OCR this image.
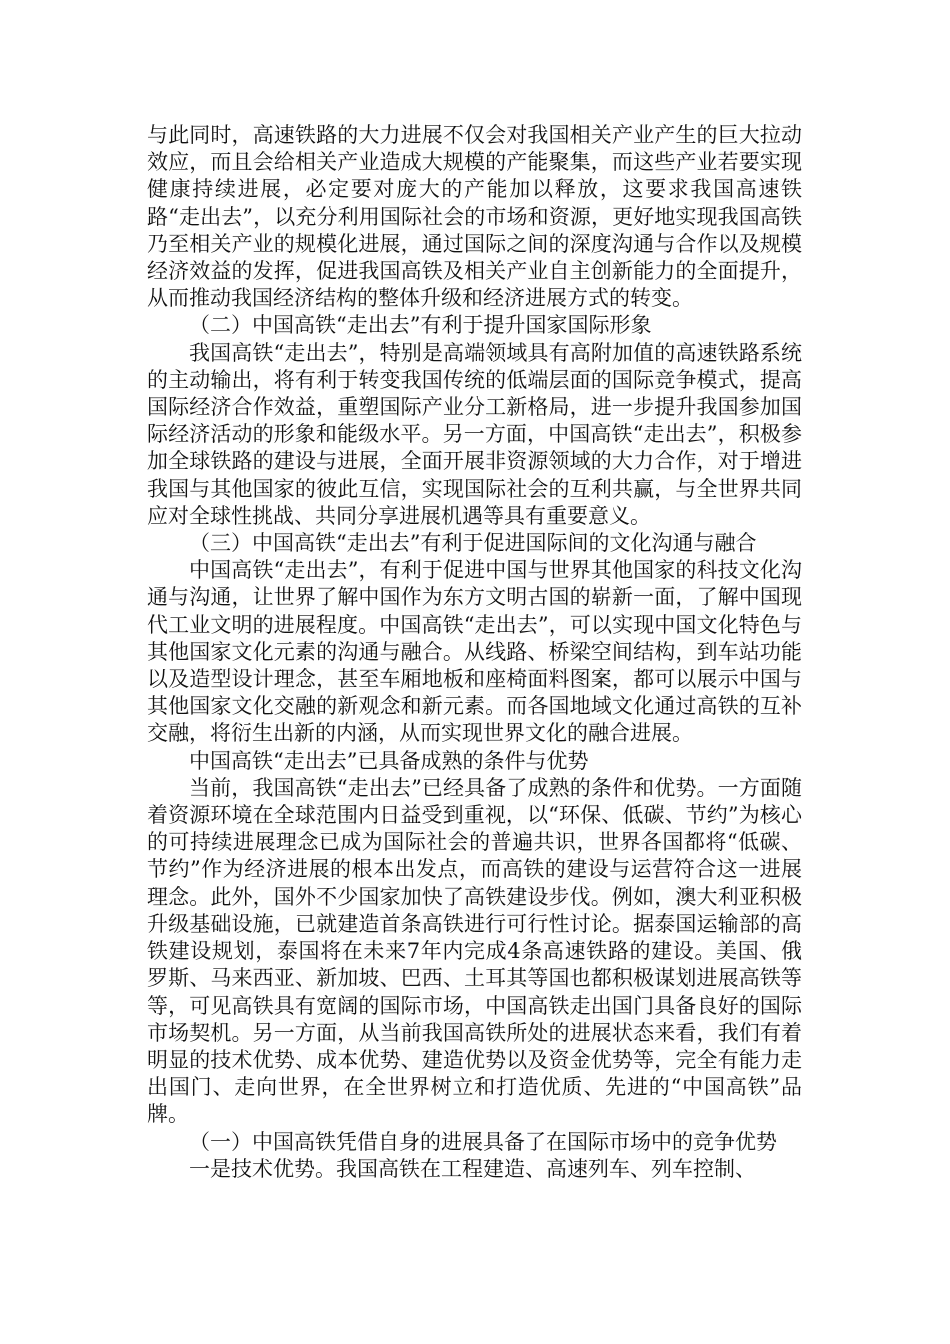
与此同时，高速铁路的大力进展不仅会对我国相关产业产生的巨大拉动效应，而且会给相关产业造成大规模的产能聚集，而这些产业若要实现健康持续进展，必定要对庞大的产能加以释放，这要求我国高速铁路“走出去”，以充分利用国际社会的市场和资源，更好地实现我国高铁乃至相关产业的规模化进展，通过国际之间的深度沟通与合作以及规模经济效益的发挥，促进我国高铁及相关产业自主创新能力的全面提升，从而推动我国经济结构的整体升级和经济进展方式的转变。

（二）中国高铁“走出去”有利于提升国家国际形象

我国高铁“走出去”，特别是高端领域具有高附加值的高速铁路系统的主动输出，将有利于转变我国传统的低端层面的国际竞争模式，提高国际经济合作效益，重塑国际产业分工新格局，进一步提升我国参加国际经济活动的形象和能级水平。另一方面，中国高铁“走出去”，积极参加全球铁路的建设与进展，全面开展非资源领域的大力合作，对于增进我国与其他国家的彼此互信，实现国际社会的互利共赢，与全世界共同应对全球性挑战、共同分享进展机遇等具有重要意义。

（三）中国高铁“走出去”有利于促进国际间的文化沟通与融合

中国高铁“走出去”，有利于促进中国与世界其他国家的科技文化沟通与沟通，让世界了解中国作为东方文明古国的崭新一面，了解中国现代工业文明的进展程度。中国高铁“走出去”，可以实现中国文化特色与其他国家文化元素的沟通与融合。从线路、桥梁空间结构，到车站功能以及造型设计理念，甚至车厢地板和座椅面料图案，都可以展示中国与其他国家文化交融的新观念和新元素。而各国地域文化通过高铁的互补交融，将衍生出新的内涵，从而实现世界文化的融合进展。

中国高铁“走出去”已具备成熟的条件与优势

当前，我国高铁“走出去”已经具备了成熟的条件和优势。一方面随着资源环境在全球范围内日益受到重视，以“环保、低碳、节约”为核心的可持续进展理念已成为国际社会的普遍共识，世界各国都将“低碳、节约”作为经济进展的根本出发点，而高铁的建设与运营符合这一进展理念。此外，国外不少国家加快了高铁建设步伐。例如，澳大利亚积极升级基础设施，已就建造首条高铁进行可行性讨论。据泰国运输部的高铁建设规划，泰国将在未来7年内完成4条高速铁路的建设。美国、俄罗斯、马来西亚、新加坡、巴西、土耳其等国也都积极谋划进展高铁等等，可见高铁具有宽阔的国际市场，中国高铁走出国门具备良好的国际市场契机。另一方面，从当前我国高铁所处的进展状态来看，我们有着明显的技术优势、成本优势、建造优势以及资金优势等，完全有能力走出国门、走向世界，在全世界树立和打造优质、先进的“中国高铁”品牌。

（一）中国高铁凭借自身的进展具备了在国际市场中的竞争优势

一是技术优势。我国高铁在工程建造、高速列车、列车控制、
